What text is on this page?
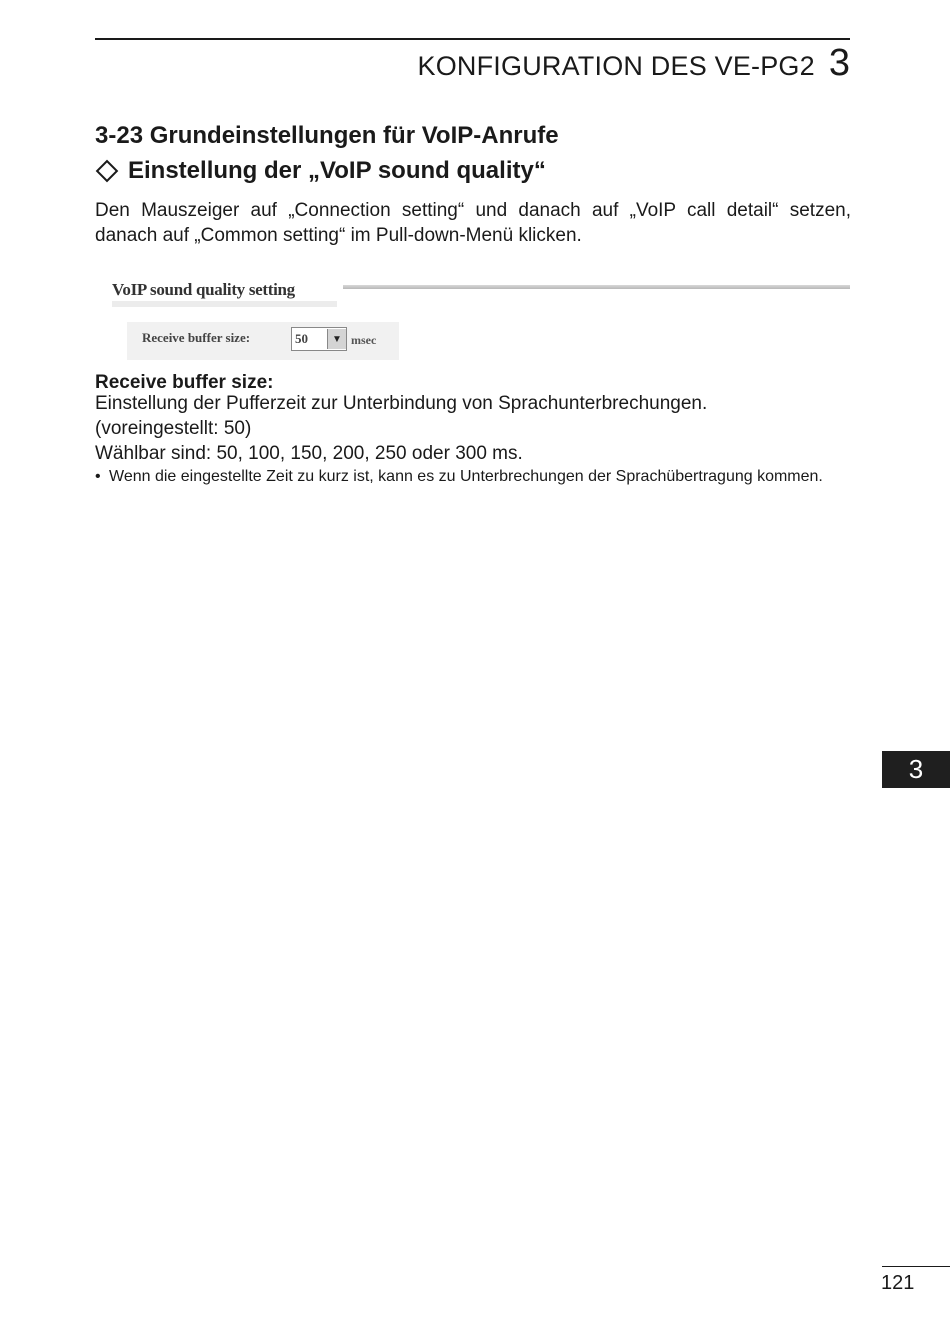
KONFIGURATION DES VE-PG2 3
3-23 Grundeinstellungen für VoIP-Anrufe
Einstellung der „VoIP sound quality“

Den Mauszeiger auf „Connection setting“ und danach auf „VoIP call detail“ setzen, danach auf „Common setting“ im Pull-down-Menü klicken.

VoIP sound quality setting
Receive buffer size:	50	▼ msec
Receive buffer size:
Einstellung der Pufferzeit zur Unterbindung von Sprachunterbrechungen.
(voreingestellt: 50)
Wählbar sind: 50, 100, 150, 200, 250 oder 300 ms.
• Wenn die eingestellte Zeit zu kurz ist, kann es zu Unterbrechungen der Sprachübertragung kommen.
3
121
